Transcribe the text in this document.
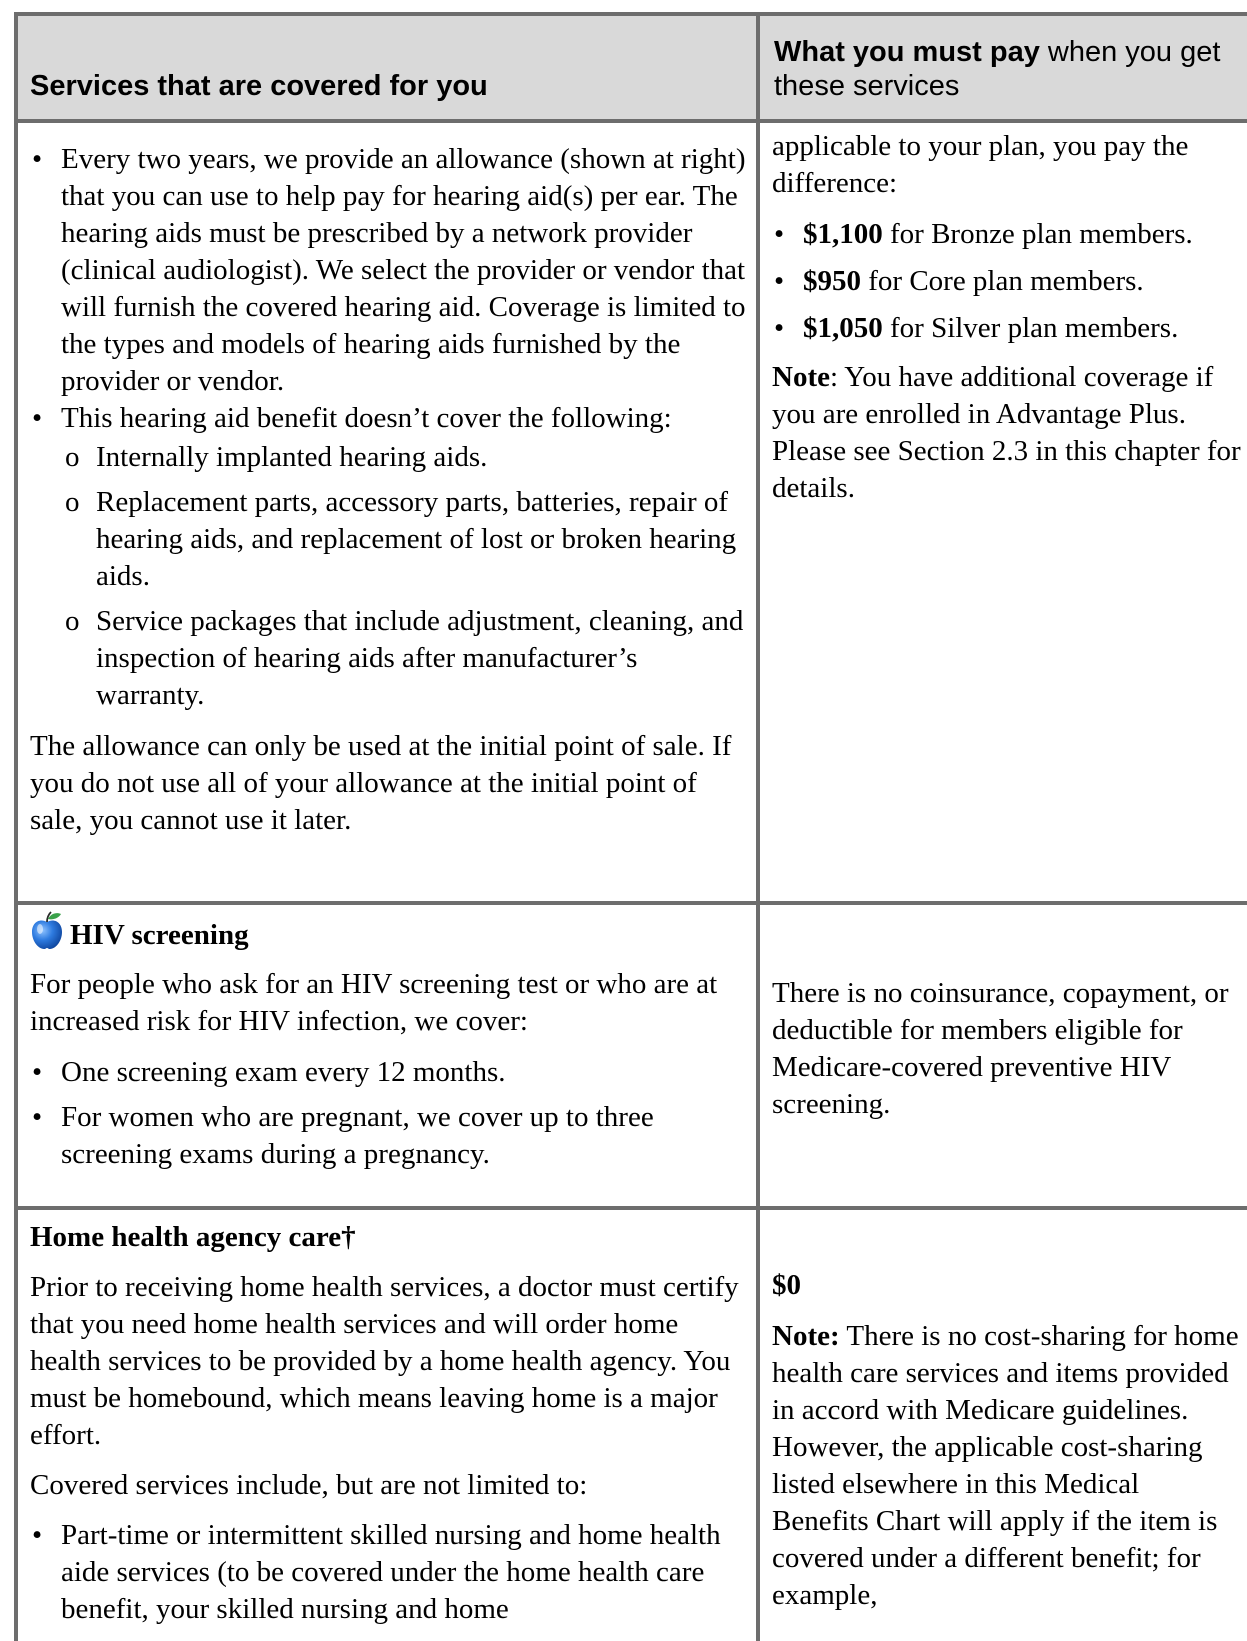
Services that are covered for you
What you must pay when you get these services
• Every two years, we provide an allowance (shown at right) that you can use to help pay for hearing aid(s) per ear. The hearing aids must be prescribed by a network provider (clinical audiologist). We select the provider or vendor that will furnish the covered hearing aid. Coverage is limited to the types and models of hearing aids furnished by the provider or vendor.
• This hearing aid benefit doesn’t cover the following:
o Internally implanted hearing aids.
o Replacement parts, accessory parts, batteries, repair of hearing aids, and replacement of lost or broken hearing aids.
o Service packages that include adjustment, cleaning, and inspection of hearing aids after manufacturer’s warranty.

The allowance can only be used at the initial point of sale. If you do not use all of your allowance at the initial point of sale, you cannot use it later.

applicable to your plan, you pay the difference:

• $1,100 for Bronze plan members.
• $950 for Core plan members.
• $1,050 for Silver plan members.

Note: You have additional coverage if you are enrolled in Advantage Plus. Please see Section 2.3 in this chapter for details.

HIV screening

For people who ask for an HIV screening test or who are at increased risk for HIV infection, we cover:

• One screening exam every 12 months.
• For women who are pregnant, we cover up to three screening exams during a pregnancy.

There is no coinsurance, copayment, or deductible for members eligible for Medicare-covered preventive HIV screening.

Home health agency care†

Prior to receiving home health services, a doctor must certify that you need home health services and will order home health services to be provided by a home health agency. You must be homebound, which means leaving home is a major effort.

Covered services include, but are not limited to:

• Part-time or intermittent skilled nursing and home health aide services (to be covered under the home health care benefit, your skilled nursing and home

$0

Note: There is no cost-sharing for home health care services and items provided in accord with Medicare guidelines. However, the applicable cost-sharing listed elsewhere in this Medical Benefits Chart will apply if the item is covered under a different benefit; for example,
